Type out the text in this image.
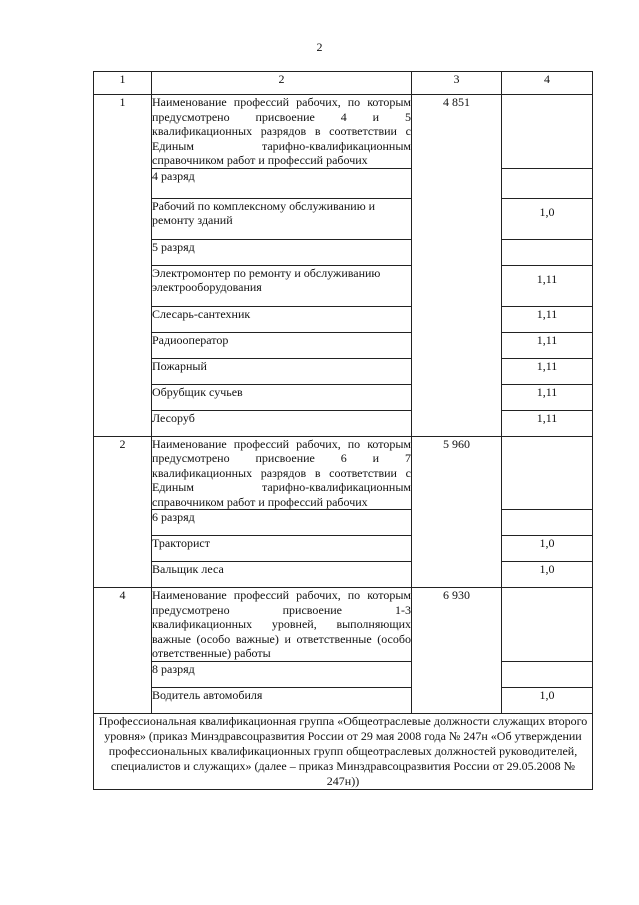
2
1	2	3	4
1	Наименование профессий рабочих, по которым предусмотрено присвоение 4 и 5 квалификационных разрядов в соответствии с Единым тарифно-квалификационным справочником работ и профессий рабочих	4 851	
	4 разряд		
	Рабочий по комплексному обслуживанию и ремонту зданий		1,0
	5 разряд		
	Электромонтер по ремонту и обслуживанию электрооборудования		1,11
	Слесарь-сантехник		1,11
	Радиооператор		1,11
	Пожарный		1,11
	Обрубщик сучьев		1,11
	Лесоруб		1,11
2	Наименование профессий рабочих, по которым предусмотрено присвоение 6 и 7 квалификационных разрядов в соответствии с Единым тарифно-квалификационным справочником работ и профессий рабочих	5 960	
	6 разряд		
	Тракторист		1,0
	Вальщик леса		1,0
4	Наименование профессий рабочих, по которым предусмотрено присвоение 1-3 квалификационных уровней, выполняющих важные (особо важные) и ответственные (особо ответственные) работы	6 930	
	8 разряд		
	Водитель автомобиля		1,0
Профессиональная квалификационная группа «Общеотраслевые должности служащих второго уровня» (приказ Минздравсоцразвития России от 29 мая 2008 года № 247н «Об утверждении профессиональных квалификационных групп общеотраслевых должностей руководителей, специалистов и служащих» (далее – приказ Минздравсоцразвития России от 29.05.2008 № 247н))			
